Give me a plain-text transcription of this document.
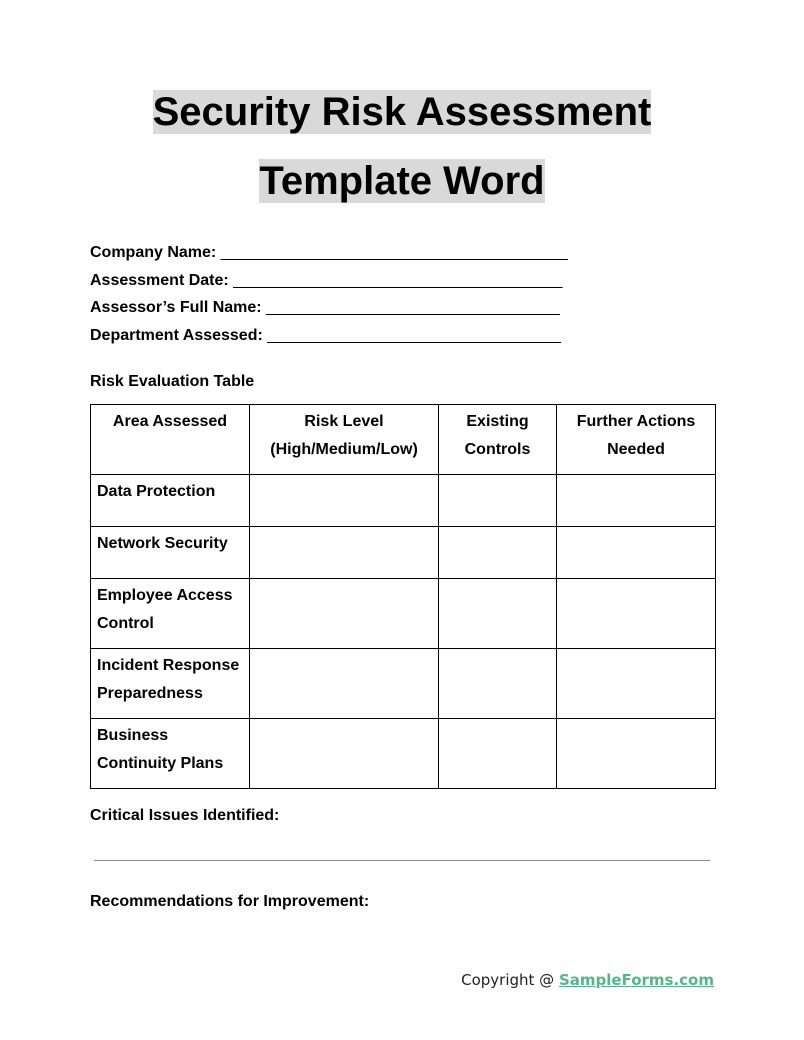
Security Risk Assessment
Template Word
Company Name: _______________________________________
Assessment Date: _____________________________________
Assessor’s Full Name: _________________________________
Department Assessed: _________________________________
Risk Evaluation Table
Area Assessed	Risk Level (High/Medium/Low)	Existing Controls	Further Actions Needed
Data Protection			
Network Security			
Employee Access Control			
Incident Response Preparedness			
Business Continuity Plans			
Critical Issues Identified:
Recommendations for Improvement:
Copyright @ SampleForms.com
